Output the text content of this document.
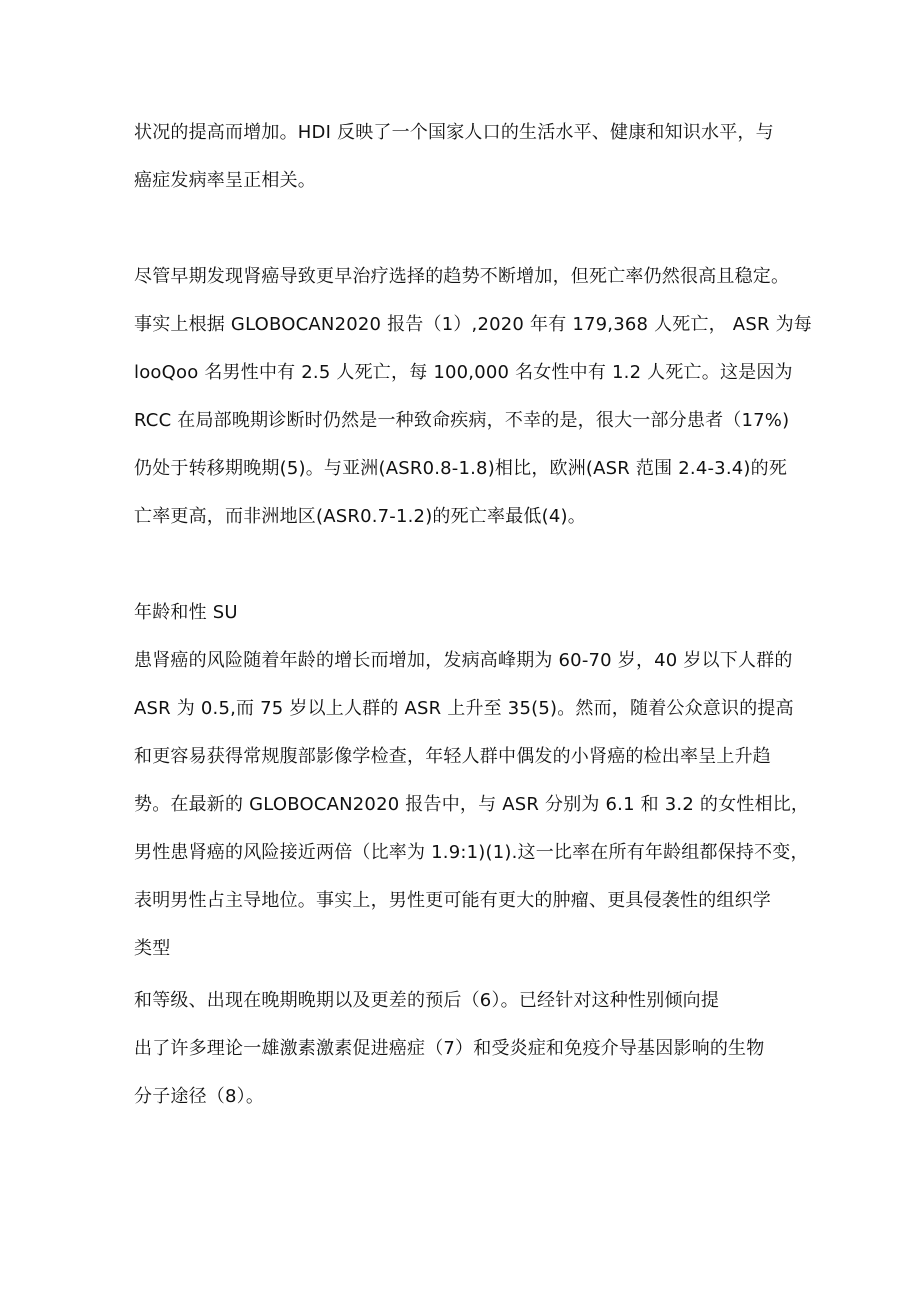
状况的提高而增加。HDI 反映了一个国家人口的生活水平、健康和知识水平，与
癌症发病率呈正相关。
尽管早期发现肾癌导致更早治疗选择的趋势不断增加，但死亡率仍然很高且稳定。
事实上根据 GLOBOCAN2020 报告（1）,2020 年有 179,368 人死亡， ASR 为每
looQoo 名男性中有 2.5 人死亡，每 100,000 名女性中有 1.2 人死亡。这是因为
RCC 在局部晚期诊断时仍然是一种致命疾病，不幸的是，很大一部分患者（17%)
仍处于转移期晚期(5)。与亚洲(ASR0.8-1.8)相比，欧洲(ASR 范围 2.4-3.4)的死
亡率更高，而非洲地区(ASR0.7-1.2)的死亡率最低(4)。
年龄和性 SU
患肾癌的风险随着年龄的增长而增加，发病高峰期为 60-70 岁，40 岁以下人群的
ASR 为 0.5,而 75 岁以上人群的 ASR 上升至 35(5)。然而，随着公众意识的提高
和更容易获得常规腹部影像学检查，年轻人群中偶发的小肾癌的检出率呈上升趋
势。在最新的 GLOBOCAN2020 报告中，与 ASR 分别为 6.1 和 3.2 的女性相比，
男性患肾癌的风险接近两倍（比率为 1.9:1)(1).这一比率在所有年龄组都保持不变，
表明男性占主导地位。事实上，男性更可能有更大的肿瘤、更具侵袭性的组织学
类型
和等级、出现在晚期晚期以及更差的预后（6）。已经针对这种性别倾向提
出了许多理论一雄激素激素促进癌症（7）和受炎症和免疫介导基因影响的生物
分子途径（8）。
